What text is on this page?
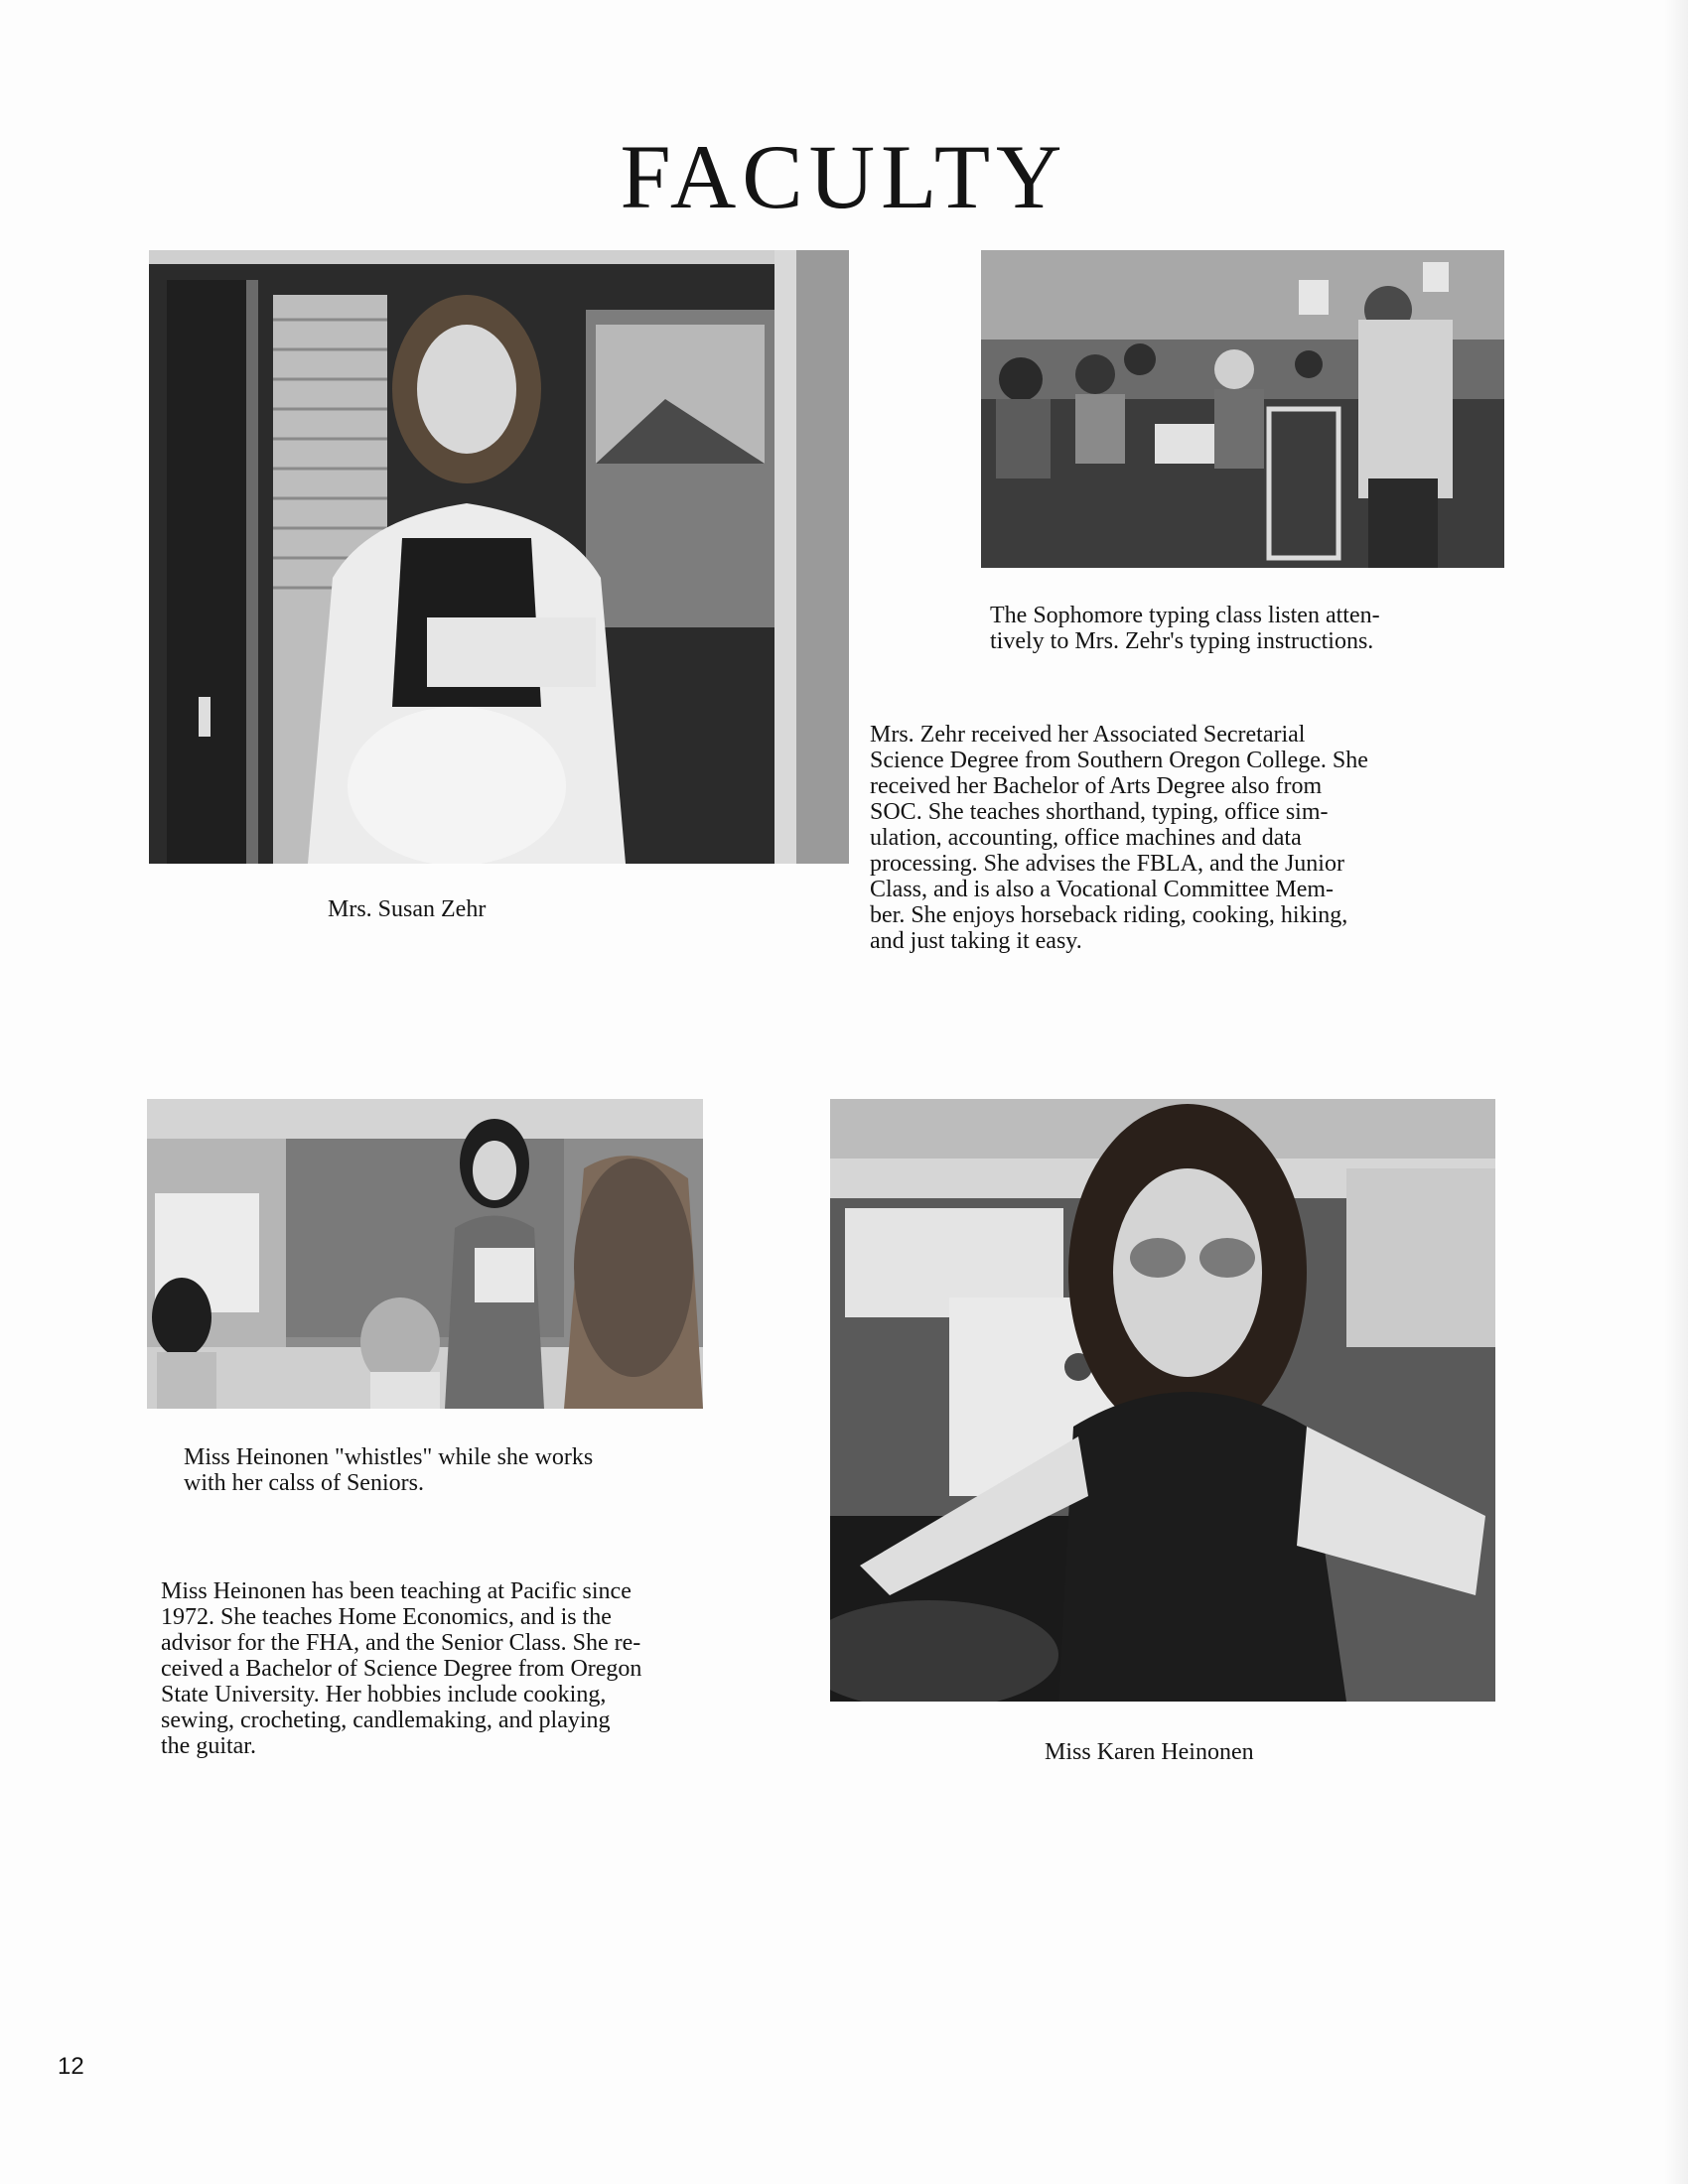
FACULTY

Mrs. Susan Zehr

The Sophomore typing class listen atten-
tively to Mrs. Zehr's typing instructions.

Mrs. Zehr received her Associated Secretarial
Science Degree from Southern Oregon College. She
received her Bachelor of Arts Degree also from
SOC. She teaches shorthand, typing, office sim-
ulation, accounting, office machines and data
processing. She advises the FBLA, and the Junior
Class, and is also a Vocational Committee Mem-
ber. She enjoys horseback riding, cooking, hiking,
and just taking it easy.

Miss Heinonen "whistles" while she works
with her calss of Seniors.

Miss Heinonen has been teaching at Pacific since
1972. She teaches Home Economics, and is the
advisor for the FHA, and the Senior Class. She re-
ceived a Bachelor of Science Degree from Oregon
State University. Her hobbies include cooking,
sewing, crocheting, candlemaking, and playing
the guitar.	Miss Karen Heinonen

12
